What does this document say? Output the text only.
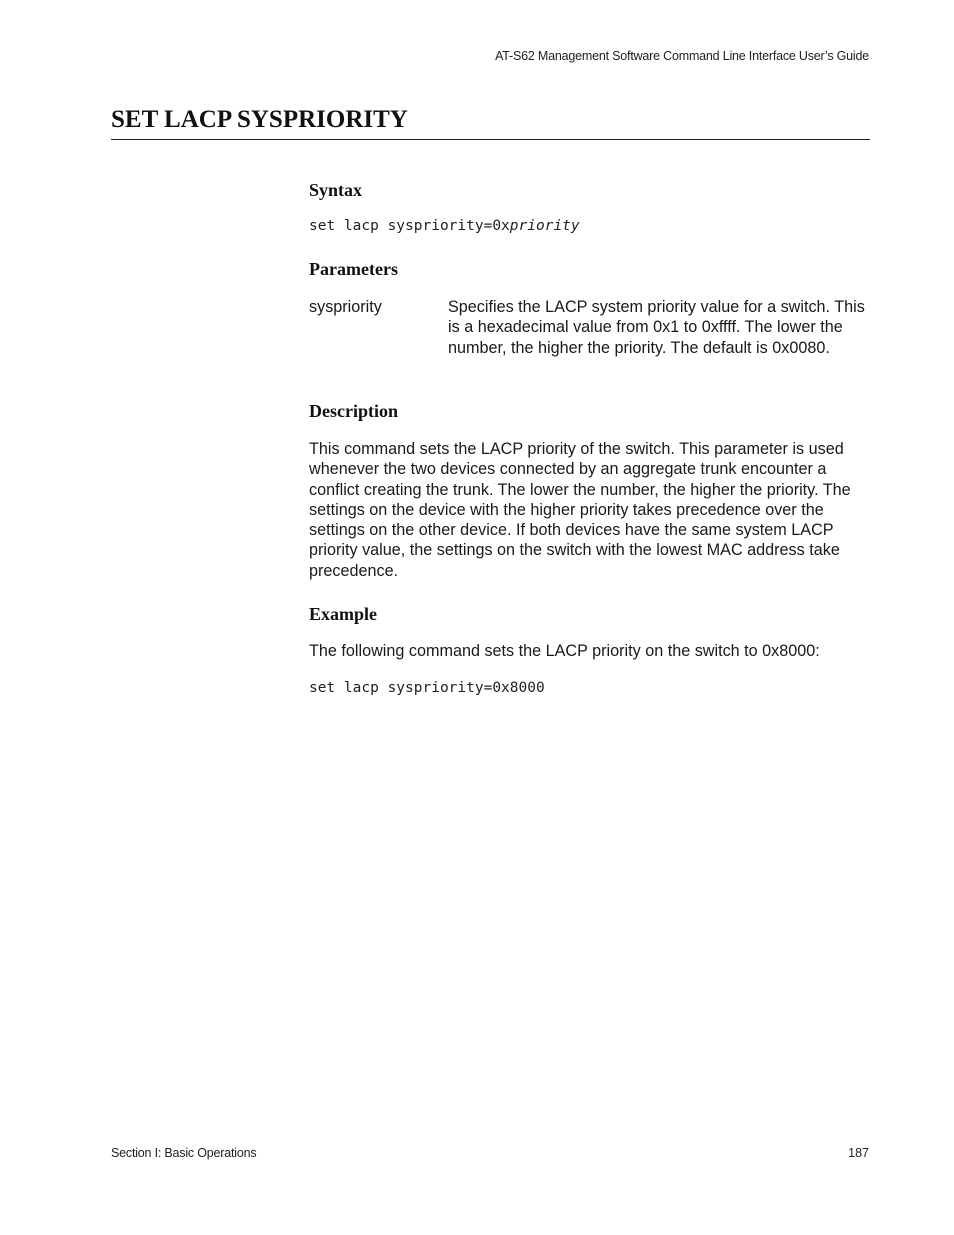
AT-S62 Management Software Command Line Interface User’s Guide
SET LACP SYSPRIORITY
Syntax
set lacp syspriority=0xpriority
Parameters
syspriority	Specifies the LACP system priority value for a switch. This is a hexadecimal value from 0x1 to 0xffff. The lower the number, the higher the priority. The default is 0x0080.

Description

This command sets the LACP priority of the switch. This parameter is used whenever the two devices connected by an aggregate trunk encounter a conflict creating the trunk. The lower the number, the higher the priority. The settings on the device with the higher priority takes precedence over the settings on the other device. If both devices have the same system LACP priority value, the settings on the switch with the lowest MAC address take precedence.

Example

The following command sets the LACP priority on the switch to 0x8000:

set lacp syspriority=0x8000
Section I: Basic Operations	187
